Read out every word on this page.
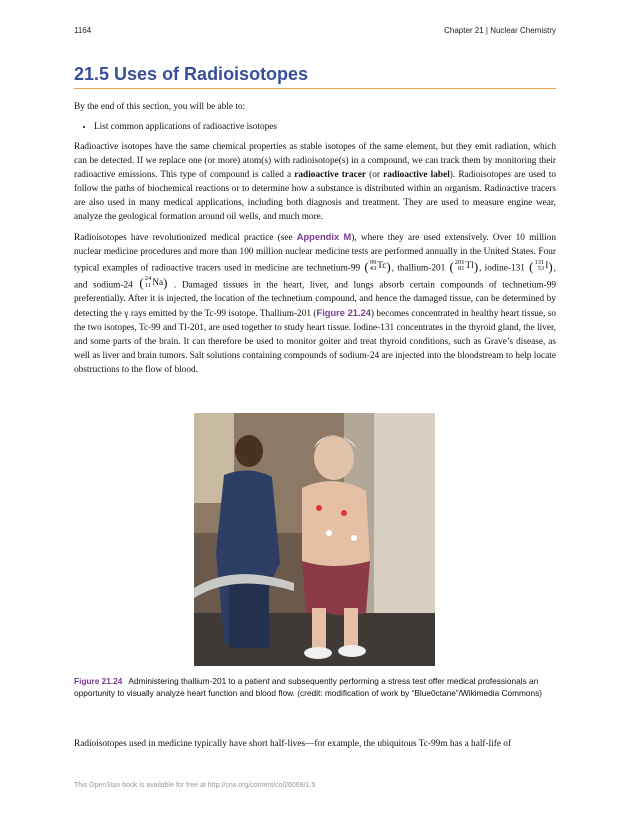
1164	Chapter 21 | Nuclear Chemistry
21.5 Uses of Radioisotopes

By the end of this section, you will be able to:

• List common applications of radioactive isotopes

Radioactive isotopes have the same chemical properties as stable isotopes of the same element, but they emit radiation, which can be detected. If we replace one (or more) atom(s) with radioisotope(s) in a compound, we can track them by monitoring their radioactive emissions. This type of compound is called a radioactive tracer (or radioactive label). Radioisotopes are used to follow the paths of biochemical reactions or to determine how a substance is distributed within an organism. Radioactive tracers are also used in many medical applications, including both diagnosis and treatment. They are used to measure engine wear, analyze the geological formation around oil wells, and much more.

Radioisotopes have revolutionized medical practice (see Appendix M), where they are used extensively. Over 10 million nuclear medicine procedures and more than 100 million nuclear medicine tests are performed annually in the United States. Four typical examples of radioactive tracers used in medicine are technetium-99 ( 99
43 Tc ) , thallium-201 ( 201
81 Tl ) , iodine-131 ( 131
53 I ) , and sodium-24 ( 24
11 Na ) . Damaged tissues in the heart, liver, and lungs absorb certain compounds of technetium-99 preferentially. After it is injected, the location of the technetium compound, and hence the damaged tissue, can be determined by detecting the γ rays emitted by the Tc-99 isotope. Thallium-201 (Figure 21.24) becomes concentrated in healthy heart tissue, so the two isotopes, Tc-99 and Tl-201, are used together to study heart tissue. Iodine-131 concentrates in the thyroid gland, the liver, and some parts of the brain. It can therefore be used to monitor goiter and treat thyroid conditions, such as Grave’s disease, as well as liver and brain tumors. Salt solutions containing compounds of sodium-24 are injected into the bloodstream to help locate obstructions to the flow of blood.

Figure 21.24 Administering thallium-201 to a patient and subsequently performing a stress test offer medical professionals an opportunity to visually analyze heart function and blood flow. (credit: modification of work by “Blue0ctane”/Wikimedia Commons)

Radioisotopes used in medicine typically have short half-lives—for example, the ubiquitous Tc-99m has a half-life of

This OpenStax book is available for free at http://cnx.org/content/col26069/1.5
